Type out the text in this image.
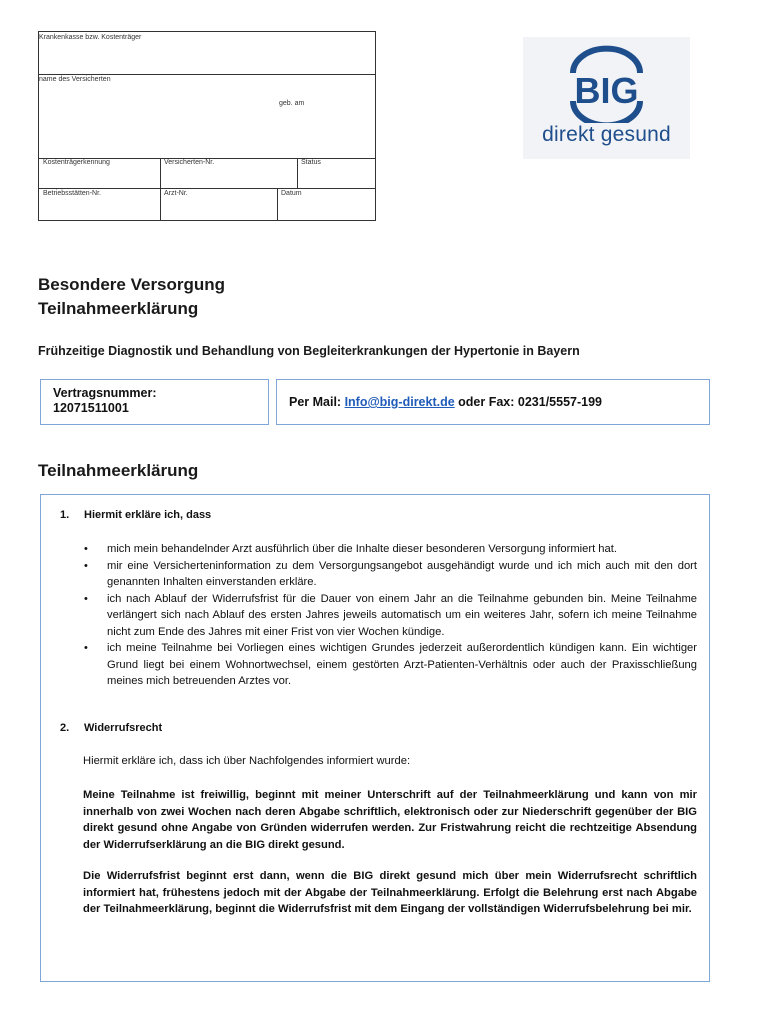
Krankenkasse bzw. Kostenträger
name des Versicherten
geb. am
Kostenträgerkennung	Versicherten-Nr.	Status
Betriebsstätten-Nr.	Arzt-Nr.	Datum
BIG
direkt gesund
Besondere Versorgung
Teilnahmeerklärung
Frühzeitige Diagnostik und Behandlung von Begleiterkrankungen der Hypertonie in Bayern
Vertragsnummer:
12071511001	Per Mail: Info@big-direkt.de oder Fax: 0231/5557-199
Teilnahmeerklärung
1. Hiermit erkläre ich, dass
• mich mein behandelnder Arzt ausführlich über die Inhalte dieser besonderen Versorgung informiert hat.
• mir eine Versicherteninformation zu dem Versorgungsangebot ausgehändigt wurde und ich mich auch mit den dort genannten Inhalten einverstanden erkläre.
• ich nach Ablauf der Widerrufsfrist für die Dauer von einem Jahr an die Teilnahme gebunden bin. Meine Teilnahme verlängert sich nach Ablauf des ersten Jahres jeweils automatisch um ein weiteres Jahr, sofern ich meine Teilnahme nicht zum Ende des Jahres mit einer Frist von vier Wochen kündige.
• ich meine Teilnahme bei Vorliegen eines wichtigen Grundes jederzeit außerordentlich kündigen kann. Ein wichtiger Grund liegt bei einem Wohnortwechsel, einem gestörten Arzt-Patienten-Verhältnis oder auch der Praxisschließung meines mich betreuenden Arztes vor.
2. Widerrufsrecht
Hiermit erkläre ich, dass ich über Nachfolgendes informiert wurde:
Meine Teilnahme ist freiwillig, beginnt mit meiner Unterschrift auf der Teilnahmeerklärung und kann von mir innerhalb von zwei Wochen nach deren Abgabe schriftlich, elektronisch oder zur Niederschrift gegenüber der BIG direkt gesund ohne Angabe von Gründen widerrufen werden. Zur Fristwahrung reicht die rechtzeitige Absendung der Widerrufserklärung an die BIG direkt gesund.
Die Widerrufsfrist beginnt erst dann, wenn die BIG direkt gesund mich über mein Widerrufsrecht schriftlich informiert hat, frühestens jedoch mit der Abgabe der Teilnahmeerklärung. Erfolgt die Belehrung erst nach Abgabe der Teilnahmeerklärung, beginnt die Widerrufsfrist mit dem Eingang der vollständigen Widerrufsbelehrung bei mir.
